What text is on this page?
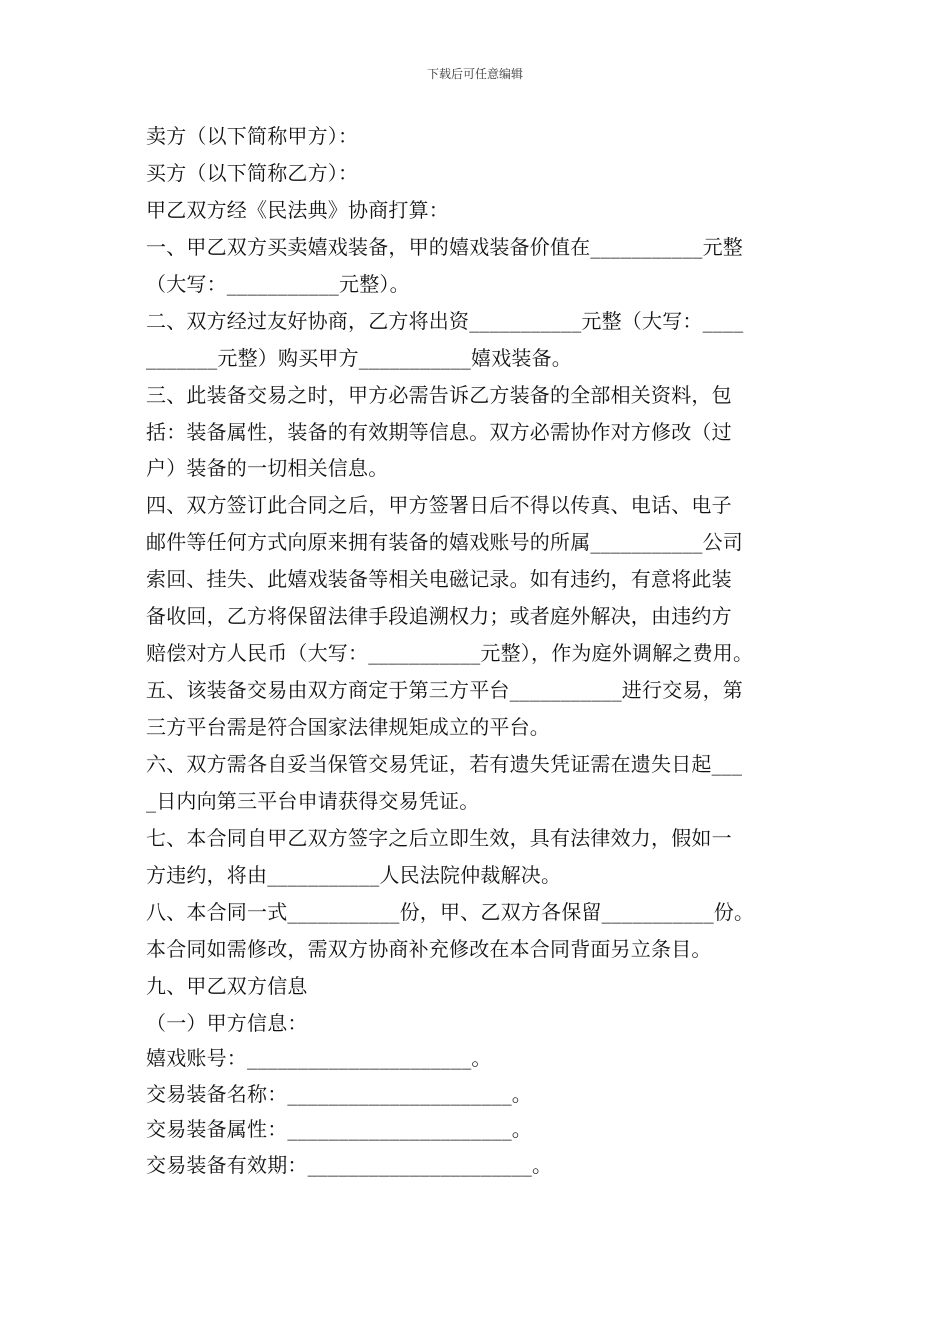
下载后可任意编辑
卖方（以下简称甲方）：
买方（以下简称乙方）：
甲乙双方经《民法典》协商打算：
一、甲乙双方买卖嬉戏装备，甲的嬉戏装备价值在___________元整
（大写：___________元整）。
二、双方经过友好协商，乙方将出资___________元整（大写：____
_______元整）购买甲方___________嬉戏装备。
三、此装备交易之时，甲方必需告诉乙方装备的全部相关资料，包
括：装备属性，装备的有效期等信息。双方必需协作对方修改（过
户）装备的一切相关信息。
四、双方签订此合同之后，甲方签署日后不得以传真、电话、电子
邮件等任何方式向原来拥有装备的嬉戏账号的所属___________公司
索回、挂失、此嬉戏装备等相关电磁记录。如有违约，有意将此装
备收回，乙方将保留法律手段追溯权力；或者庭外解决，由违约方
赔偿对方人民币（大写：___________元整），作为庭外调解之费用。
五、该装备交易由双方商定于第三方平台___________进行交易，第
三方平台需是符合国家法律规矩成立的平台。
六、双方需各自妥当保管交易凭证，若有遗失凭证需在遗失日起___
_日内向第三平台申请获得交易凭证。
七、本合同自甲乙双方签字之后立即生效，具有法律效力，假如一
方违约，将由___________人民法院仲裁解决。
八、本合同一式___________份，甲、乙双方各保留___________份。
本合同如需修改，需双方协商补充修改在本合同背面另立条目。
九、甲乙双方信息
（一）甲方信息：
嬉戏账号：______________________。
交易装备名称：______________________。
交易装备属性：______________________。
交易装备有效期：______________________。
